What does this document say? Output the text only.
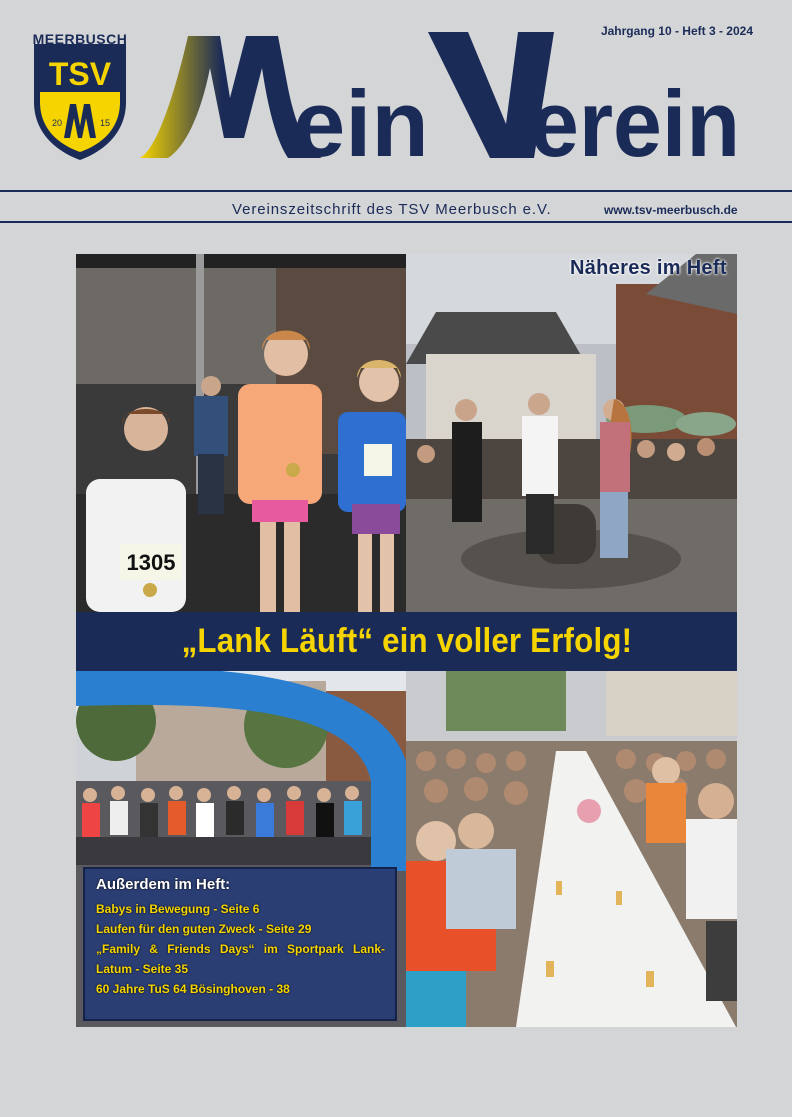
TSV
20	15
MEERBUSCH	Jahrgang 10 - Heft 3 - 2024
ein erein
Vereinszeitschrift des TSV Meerbusch e.V.	www.tsv-meerbusch.de
1305
Näheres im Heft
„Lank Läuft“ ein voller Erfolg!
Außerdem im Heft:
Babys in Bewegung - Seite 6
Laufen für den guten Zweck - Seite 29
„Family & Friends Days“ im Sportpark Lank-
Latum - Seite 35
60 Jahre TuS 64 Bösinghoven - 38
